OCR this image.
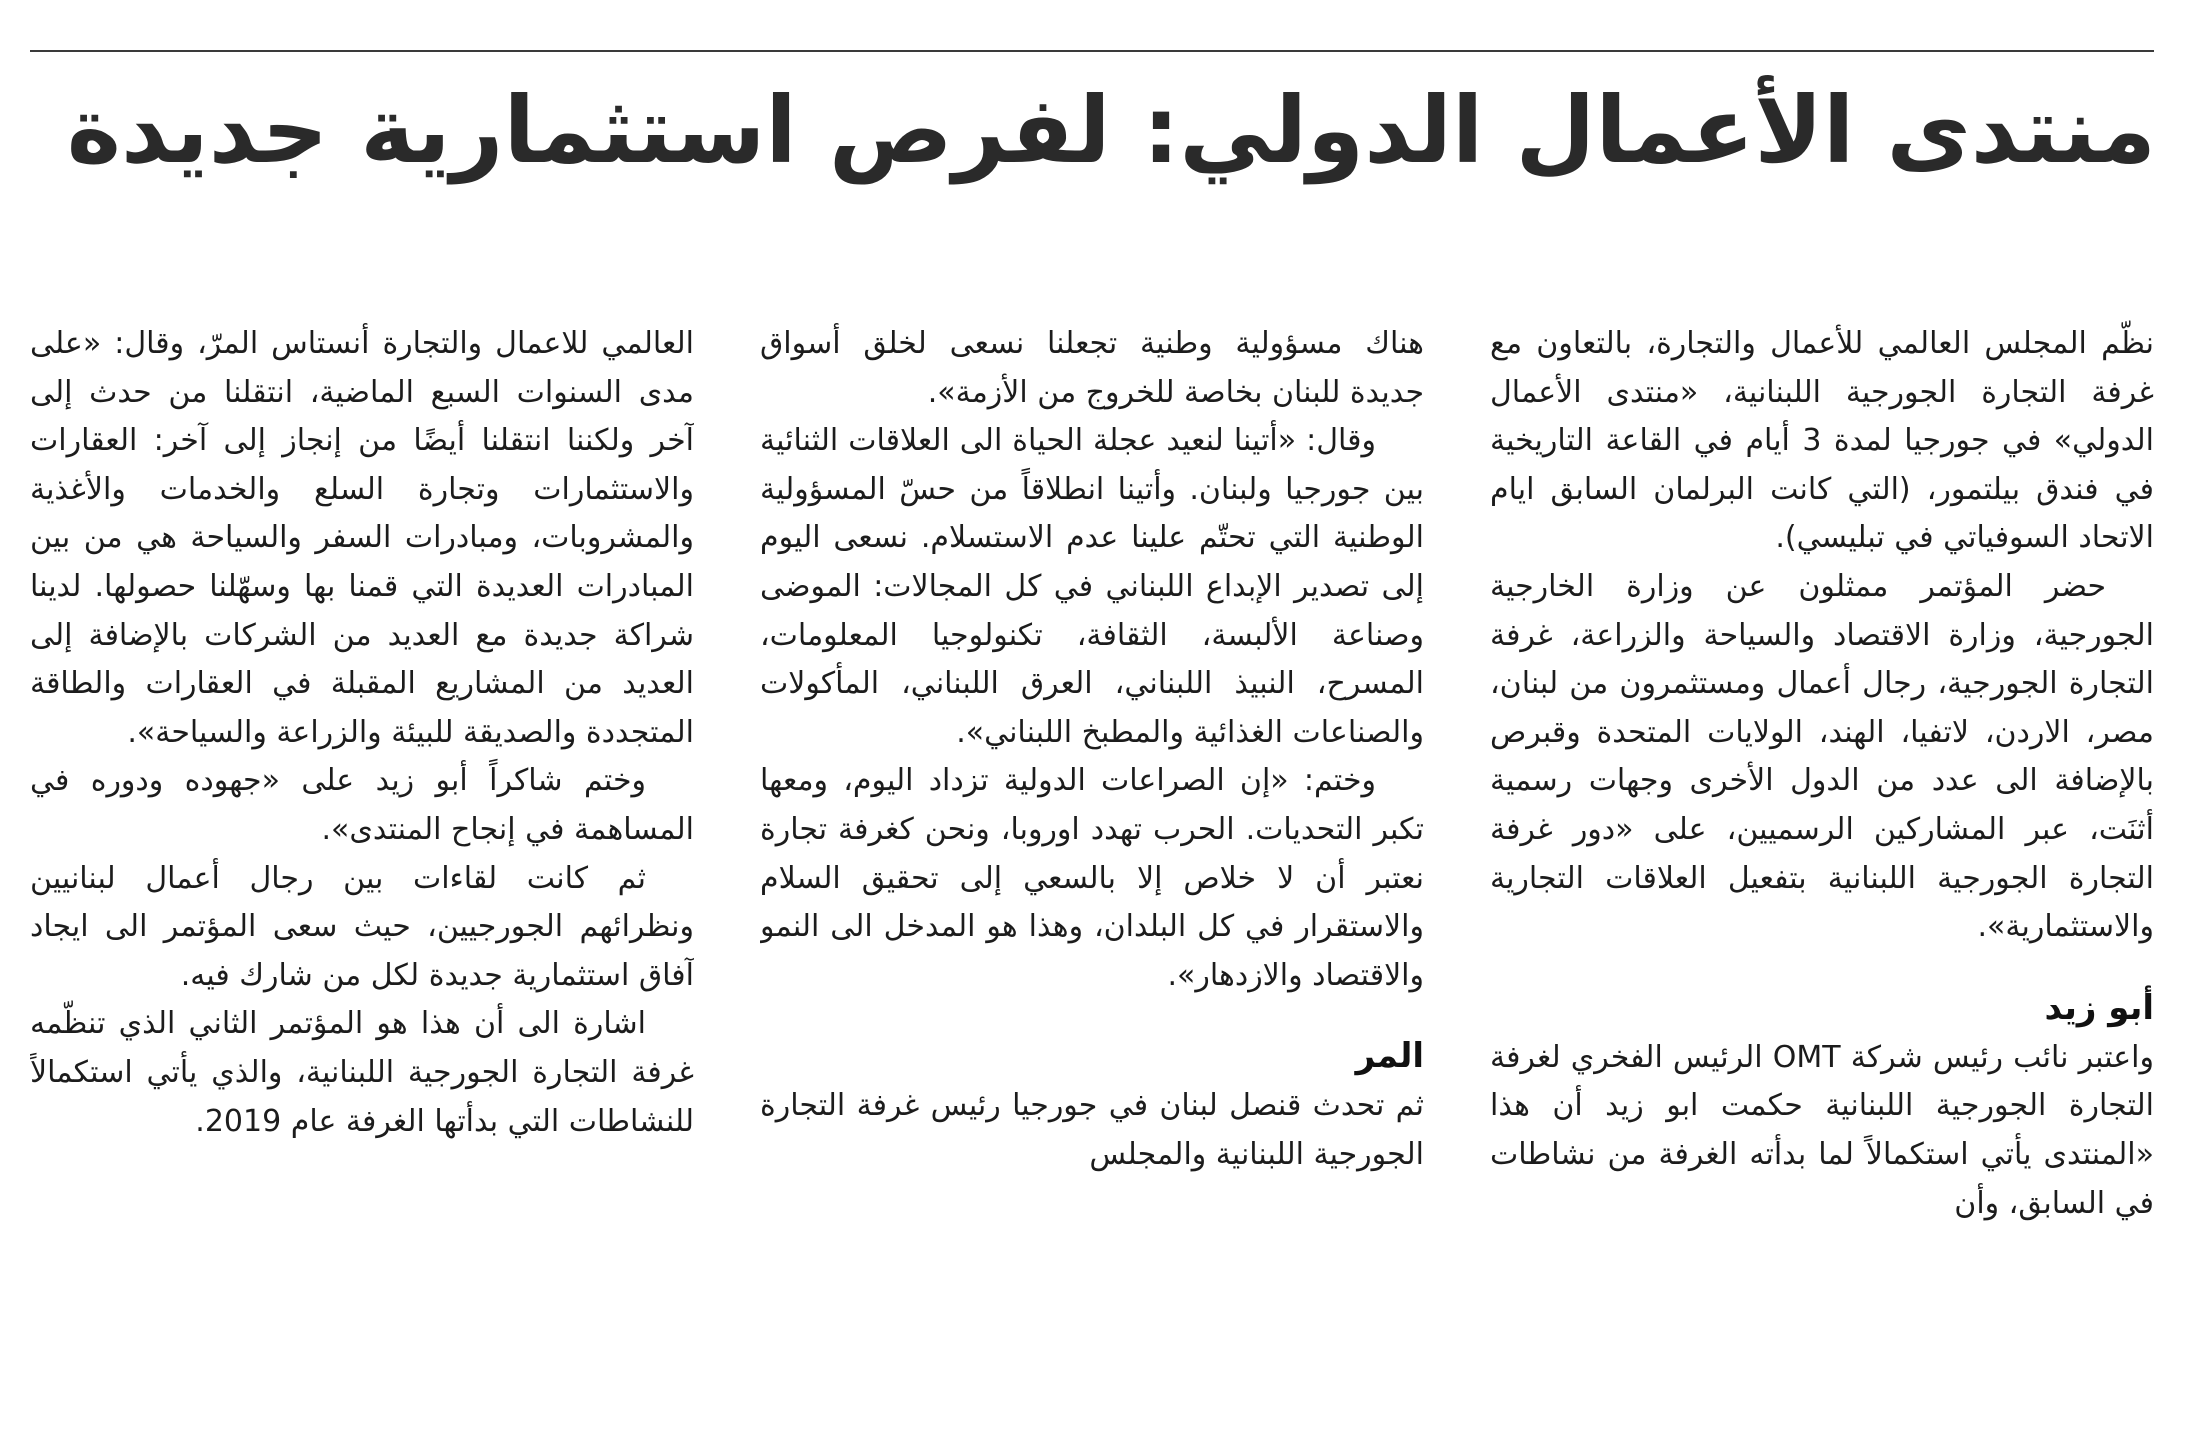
منتدى الأعمال الدولي: لفرص استثمارية جديدة

نظّم المجلس العالمي للأعمال والتجارة، بالتعاون مع غرفة التجارة الجورجية اللبنانية، «منتدى الأعمال الدولي» في جورجيا لمدة 3 أيام في القاعة التاريخية في فندق بيلتمور، (التي كانت البرلمان السابق ايام الاتحاد السوفياتي في تبليسي).

حضر المؤتمر ممثلون عن وزارة الخارجية الجورجية، وزارة الاقتصاد والسياحة والزراعة، غرفة التجارة الجورجية، رجال أعمال ومستثمرون من لبنان، مصر، الاردن، لاتفيا، الهند، الولايات المتحدة وقبرص بالإضافة الى عدد من الدول الأخرى وجهات رسمية أثنَت، عبر المشاركين الرسميين، على «دور غرفة التجارة الجورجية اللبنانية بتفعيل العلاقات التجارية والاستثمارية».

أبو زيد

واعتبر نائب رئيس شركة OMT الرئيس الفخري لغرفة التجارة الجورجية اللبنانية حكمت ابو زيد أن هذا «المنتدى يأتي استكمالاً لما بدأته الغرفة من نشاطات في السابق، وأن

هناك مسؤولية وطنية تجعلنا نسعى لخلق أسواق جديدة للبنان بخاصة للخروج من الأزمة».

وقال: «أتينا لنعيد عجلة الحياة الى العلاقات الثنائية بين جورجيا ولبنان. وأتينا انطلاقاً من حسّ المسؤولية الوطنية التي تحتّم علينا عدم الاستسلام. نسعى اليوم إلى تصدير الإبداع اللبناني في كل المجالات: الموضى وصناعة الألبسة، الثقافة، تكنولوجيا المعلومات، المسرح، النبيذ اللبناني، العرق اللبناني، المأكولات والصناعات الغذائية والمطبخ اللبناني».

وختم: «إن الصراعات الدولية تزداد اليوم، ومعها تكبر التحديات. الحرب تهدد اوروبا، ونحن كغرفة تجارة نعتبر أن لا خلاص إلا بالسعي إلى تحقيق السلام والاستقرار في كل البلدان، وهذا هو المدخل الى النمو والاقتصاد والازدهار».

المر

ثم تحدث قنصل لبنان في جورجيا رئيس غرفة التجارة الجورجية اللبنانية والمجلس

العالمي للاعمال والتجارة أنستاس المرّ، وقال: «على مدى السنوات السبع الماضية، انتقلنا من حدث إلى آخر ولكننا انتقلنا أيضًا من إنجاز إلى آخر: العقارات والاستثمارات وتجارة السلع والخدمات والأغذية والمشروبات، ومبادرات السفر والسياحة هي من بين المبادرات العديدة التي قمنا بها وسهّلنا حصولها. لدينا شراكة جديدة مع العديد من الشركات بالإضافة إلى العديد من المشاريع المقبلة في العقارات والطاقة المتجددة والصديقة للبيئة والزراعة والسياحة».

وختم شاكراً أبو زيد على «جهوده ودوره في المساهمة في إنجاح المنتدى».

ثم كانت لقاءات بين رجال أعمال لبنانيين ونظرائهم الجورجيين، حيث سعى المؤتمر الى ايجاد آفاق استثمارية جديدة لكل من شارك فيه.

اشارة الى أن هذا هو المؤتمر الثاني الذي تنظّمه غرفة التجارة الجورجية اللبنانية، والذي يأتي استكمالاً للنشاطات التي بدأتها الغرفة عام 2019.
